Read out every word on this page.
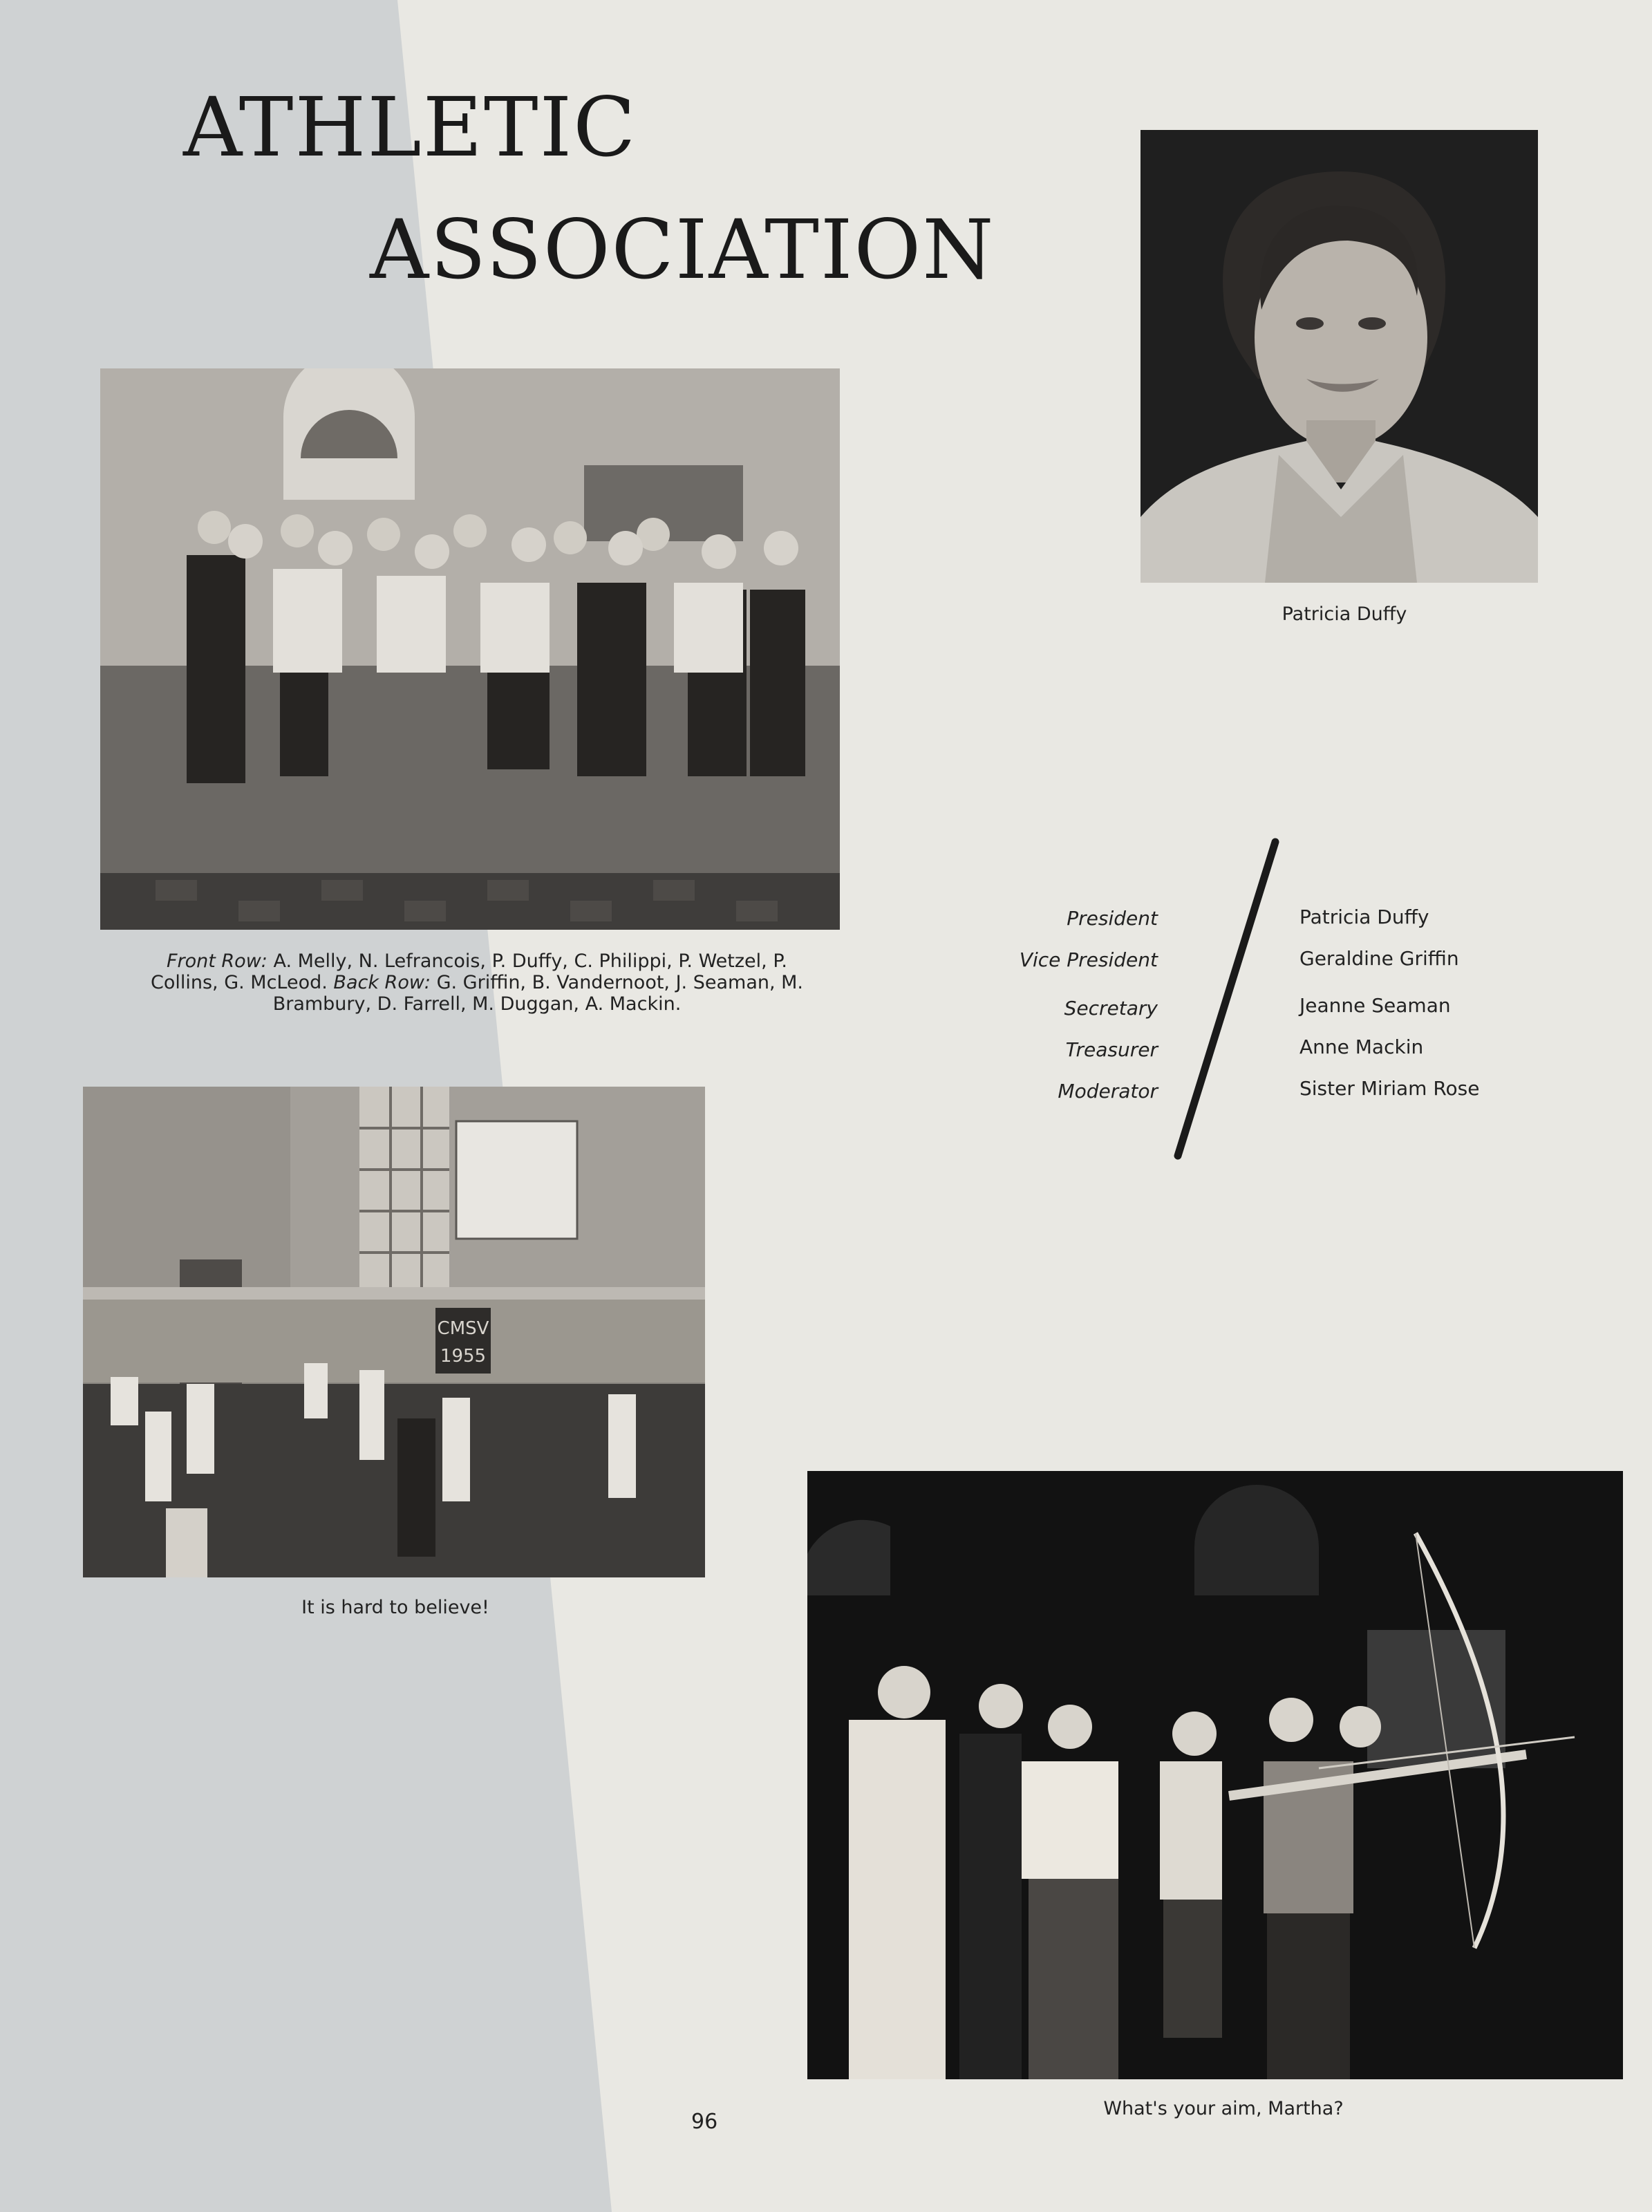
ATHLETIC
ASSOCIATION
Patricia Duffy
Front Row: A. Melly, N. Lefrancois, P. Duffy, C. Philippi, P. Wetzel, P. Collins, G. McLeod. Back Row: G. Griffin, B. Vandernoot, J. Seaman, M. Brambury, D. Farrell, M. Duggan, A. Mackin.
CMSV
1955
It is hard to believe!
President
Vice President
Secretary
Treasurer
Moderator
Patricia Duffy
Geraldine Griffin
Jeanne Seaman
Anne Mackin
Sister Miriam Rose
What's your aim, Martha?
96
